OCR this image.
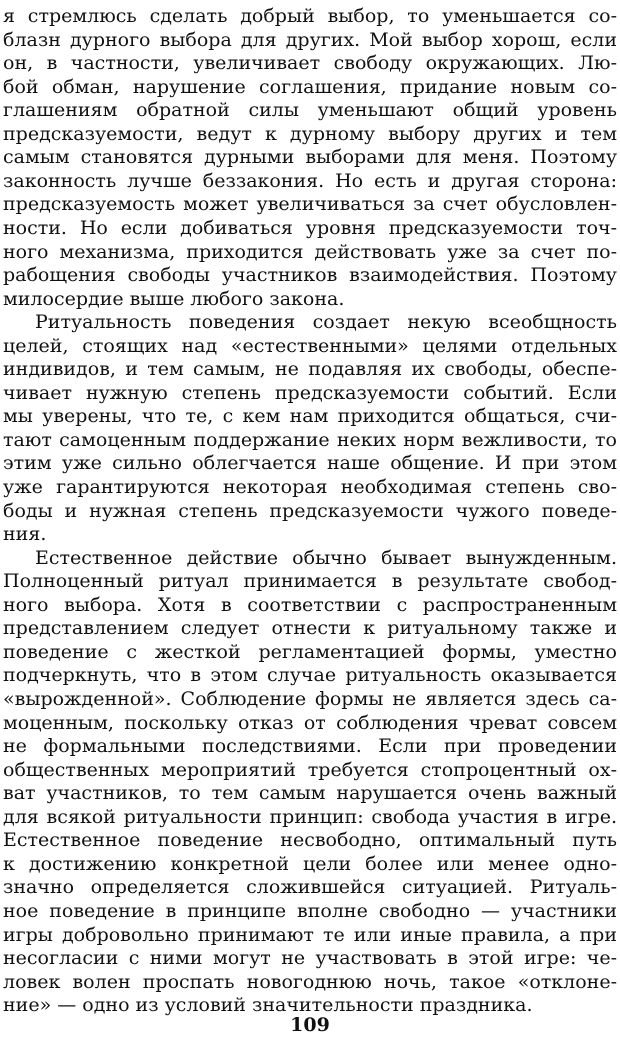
я стремлюсь сделать добрый выбор, то уменьшается со-
блазн дурного выбора для других. Мой выбор хорош, если
он, в частности, увеличивает свободу окружающих. Лю-
бой обман, нарушение соглашения, придание новым со-
глашениям обратной силы уменьшают общий уровень
предсказуемости, ведут к дурному выбору других и тем
самым становятся дурными выборами для меня. Поэтому
законность лучше беззакония. Но есть и другая сторона:
предсказуемость может увеличиваться за счет обусловлен-
ности. Но если добиваться уровня предсказуемости точ-
ного механизма, приходится действовать уже за счет по-
рабощения свободы участников взаимодействия. Поэтому
милосердие выше любого закона.
Ритуальность поведения создает некую всеобщность
целей, стоящих над «естественными» целями отдельных
индивидов, и тем самым, не подавляя их свободы, обеспе-
чивает нужную степень предсказуемости событий. Если
мы уверены, что те, с кем нам приходится общаться, счи-
тают самоценным поддержание неких норм вежливости, то
этим уже сильно облегчается наше общение. И при этом
уже гарантируются некоторая необходимая степень сво-
боды и нужная степень предсказуемости чужого поведе-
ния.
Естественное действие обычно бывает вынужденным.
Полноценный ритуал принимается в результате свобод-
ного выбора. Хотя в соответствии с распространенным
представлением следует отнести к ритуальному также и
поведение с жесткой регламентацией формы, уместно
подчеркнуть, что в этом случае ритуальность оказывается
«вырожденной». Соблюдение формы не является здесь са-
моценным, поскольку отказ от соблюдения чреват совсем
не формальными последствиями. Если при проведении
общественных мероприятий требуется стопроцентный ох-
ват участников, то тем самым нарушается очень важный
для всякой ритуальности принцип: свобода участия в игре.
Естественное поведение несвободно, оптимальный путь
к достижению конкретной цели более или менее одно-
значно определяется сложившейся ситуацией. Ритуаль-
ное поведение в принципе вполне свободно — участники
игры добровольно принимают те или иные правила, а при
несогласии с ними могут не участвовать в этой игре: че-
ловек волен проспать новогоднюю ночь, такое «отклоне-
ние» — одно из условий значительности праздника.
109
